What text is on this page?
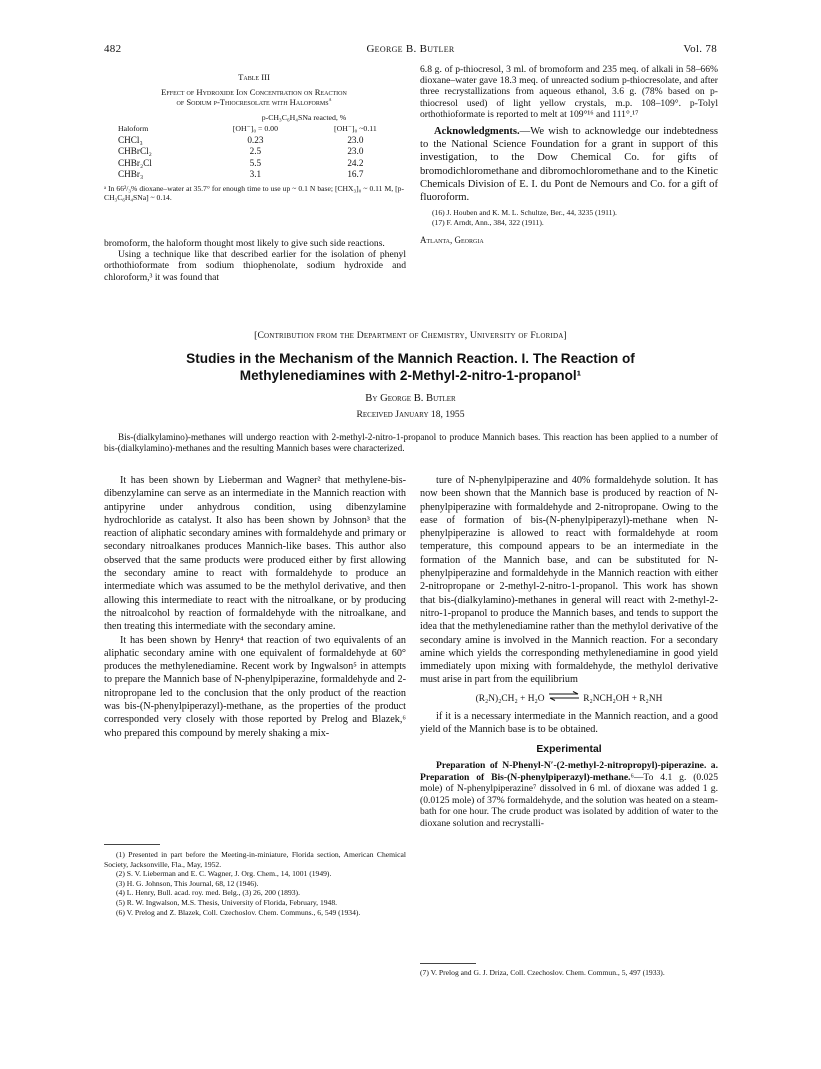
482	George B. Butler	Vol. 78
Table III
Effect of Hydroxide Ion Concentration on Reaction
of Sodium p-Thiocresolate with Haloforms$^a$
	p-CH₃C₆H₄SNa reacted, %	
Haloform	[OH⁻]₀ = 0.00	[OH⁻]₀ ~0.11
CHCl₃	0.23	23.0
CHBrCl₂	2.5	23.0
CHBr₂Cl	5.5	24.2
CHBr₃	3.1	16.7
ᵃ In 66²/₃% dioxane–water at 35.7° for enough time to use up ~ 0.1 N base; [CHX₃]₀ ~ 0.11 M, [p-CH₃C₆H₄SNa] ~ 0.14.

bromoform, the haloform thought most likely to give such side reactions.

Using a technique like that described earlier for the isolation of phenyl orthothioformate from sodium thiophenolate, sodium hydroxide and chloroform,³ it was found that

6.8 g. of p-thiocresol, 3 ml. of bromoform and 235 meq. of alkali in 58–66% dioxane–water gave 18.3 meq. of unreacted sodium p-thiocresolate, and after three recrystallizations from aqueous ethanol, 3.6 g. (78% based on p-thiocresol used) of light yellow crystals, m.p. 108–109°. p-Tolyl orthothioformate is reported to melt at 109°¹⁶ and 111°.¹⁷

Acknowledgments.—We wish to acknowledge our indebtedness to the National Science Foundation for a grant in support of this investigation, to the Dow Chemical Co. for gifts of bromodichloromethane and dibromochloromethane and to the Kinetic Chemicals Division of E. I. du Pont de Nemours and Co. for a gift of fluoroform.

(16) J. Houben and K. M. L. Schultze, Ber., 44, 3235 (1911).
(17) F. Arndt, Ann., 384, 322 (1911).
Atlanta, Georgia
[Contribution from the Department of Chemistry, University of Florida]
Studies in the Mechanism of the Mannich Reaction. I. The Reaction of
Methylenediamines with 2-Methyl-2-nitro-1-propanol¹
By George B. Butler
Received January 18, 1955
Bis-(dialkylamino)-methanes will undergo reaction with 2-methyl-2-nitro-1-propanol to produce Mannich bases. This reaction has been applied to a number of bis-(dialkylamino)-methanes and the resulting Mannich bases were characterized.

It has been shown by Lieberman and Wagner² that methylene-bis-dibenzylamine can serve as an intermediate in the Mannich reaction with antipyrine under anhydrous condition, using dibenzylamine hydrochloride as catalyst. It also has been shown by Johnson³ that the reaction of aliphatic secondary amines with formaldehyde and primary or secondary nitroalkanes produces Mannich-like bases. This author also observed that the same products were produced either by first allowing the secondary amine to react with formaldehyde to produce an intermediate which was assumed to be the methylol derivative, and then allowing this intermediate to react with the nitroalkane, or by producing the nitroalcohol by reaction of formaldehyde with the nitroalkane, and then treating this intermediate with the secondary amine.

It has been shown by Henry⁴ that reaction of two equivalents of an aliphatic secondary amine with one equivalent of formaldehyde at 60° produces the methylenediamine. Recent work by Ingwalson⁵ in attempts to prepare the Mannich base of N-phenylpiperazine, formaldehyde and 2-nitropropane led to the conclusion that the only product of the reaction was bis-(N-phenylpiperazyl)-methane, as the properties of the product corresponded very closely with those reported by Prelog and Blazek,⁶ who prepared this compound by merely shaking a mix-

(1) Presented in part before the Meeting-in-miniature, Florida section, American Chemical Society, Jacksonville, Fla., May, 1952.
(2) S. V. Lieberman and E. C. Wagner, J. Org. Chem., 14, 1001 (1949).
(3) H. G. Johnson, This Journal, 68, 12 (1946).
(4) L. Henry, Bull. acad. roy. med. Belg., (3) 26, 200 (1893).
(5) R. W. Ingwalson, M.S. Thesis, University of Florida, February, 1948.
(6) V. Prelog and Z. Blazek, Coll. Czechoslov. Chem. Communs., 6, 549 (1934).

ture of N-phenylpiperazine and 40% formaldehyde solution. It has now been shown that the Mannich base is produced by reaction of N-phenylpiperazine with formaldehyde and 2-nitropropane. Owing to the ease of formation of bis-(N-phenylpiperazyl)-methane when N-phenylpiperazine is allowed to react with formaldehyde at room temperature, this compound appears to be an intermediate in the formation of the Mannich base, and can be substituted for N-phenylpiperazine and formaldehyde in the Mannich reaction with either 2-nitropropane or 2-methyl-2-nitro-1-propanol. This work has shown that bis-(dialkylamino)-methanes in general will react with 2-methyl-2-nitro-1-propanol to produce the Mannich bases, and tends to support the idea that the methylenediamine rather than the methylol derivative of the secondary amine is involved in the Mannich reaction. For a secondary amine which yields the corresponding methylenediamine in good yield immediately upon mixing with formaldehyde, the methylol derivative must arise in part from the equilibrium

(R₂N)₂CH₂ + H₂O ⇌ R₂NCH₂OH + R₂NH

if it is a necessary intermediate in the Mannich reaction, and a good yield of the Mannich base is to be obtained.

Experimental

Preparation of N-Phenyl-N′-(2-methyl-2-nitropropyl)-piperazine. a. Preparation of Bis-(N-phenylpiperazyl)-methane.⁶—To 4.1 g. (0.025 mole) of N-phenylpiperazine⁷ dissolved in 6 ml. of dioxane was added 1 g. (0.0125 mole) of 37% formaldehyde, and the solution was heated on a steam-bath for one hour. The crude product was isolated by addition of water to the dioxane solution and recrystalli-

(7) V. Prelog and G. J. Driza, Coll. Czechoslov. Chem. Commun., 5, 497 (1933).
